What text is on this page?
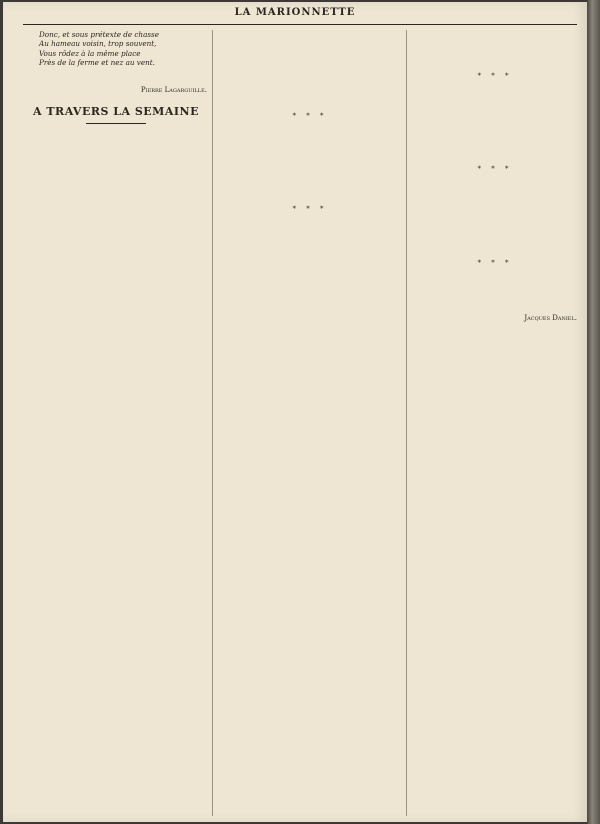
LA MARIONNETTE
Donc, et sous prétexte de chasse
Au hameau voisin, trop souvent,
Vous rôdez à la même place
Près de la ferme et nez au vent.

Pierre Lagarguille.

A TRAVERS LA SEMAINE	* * *

* * *

* * *

* * *

* * *

Jacques Daniel.
